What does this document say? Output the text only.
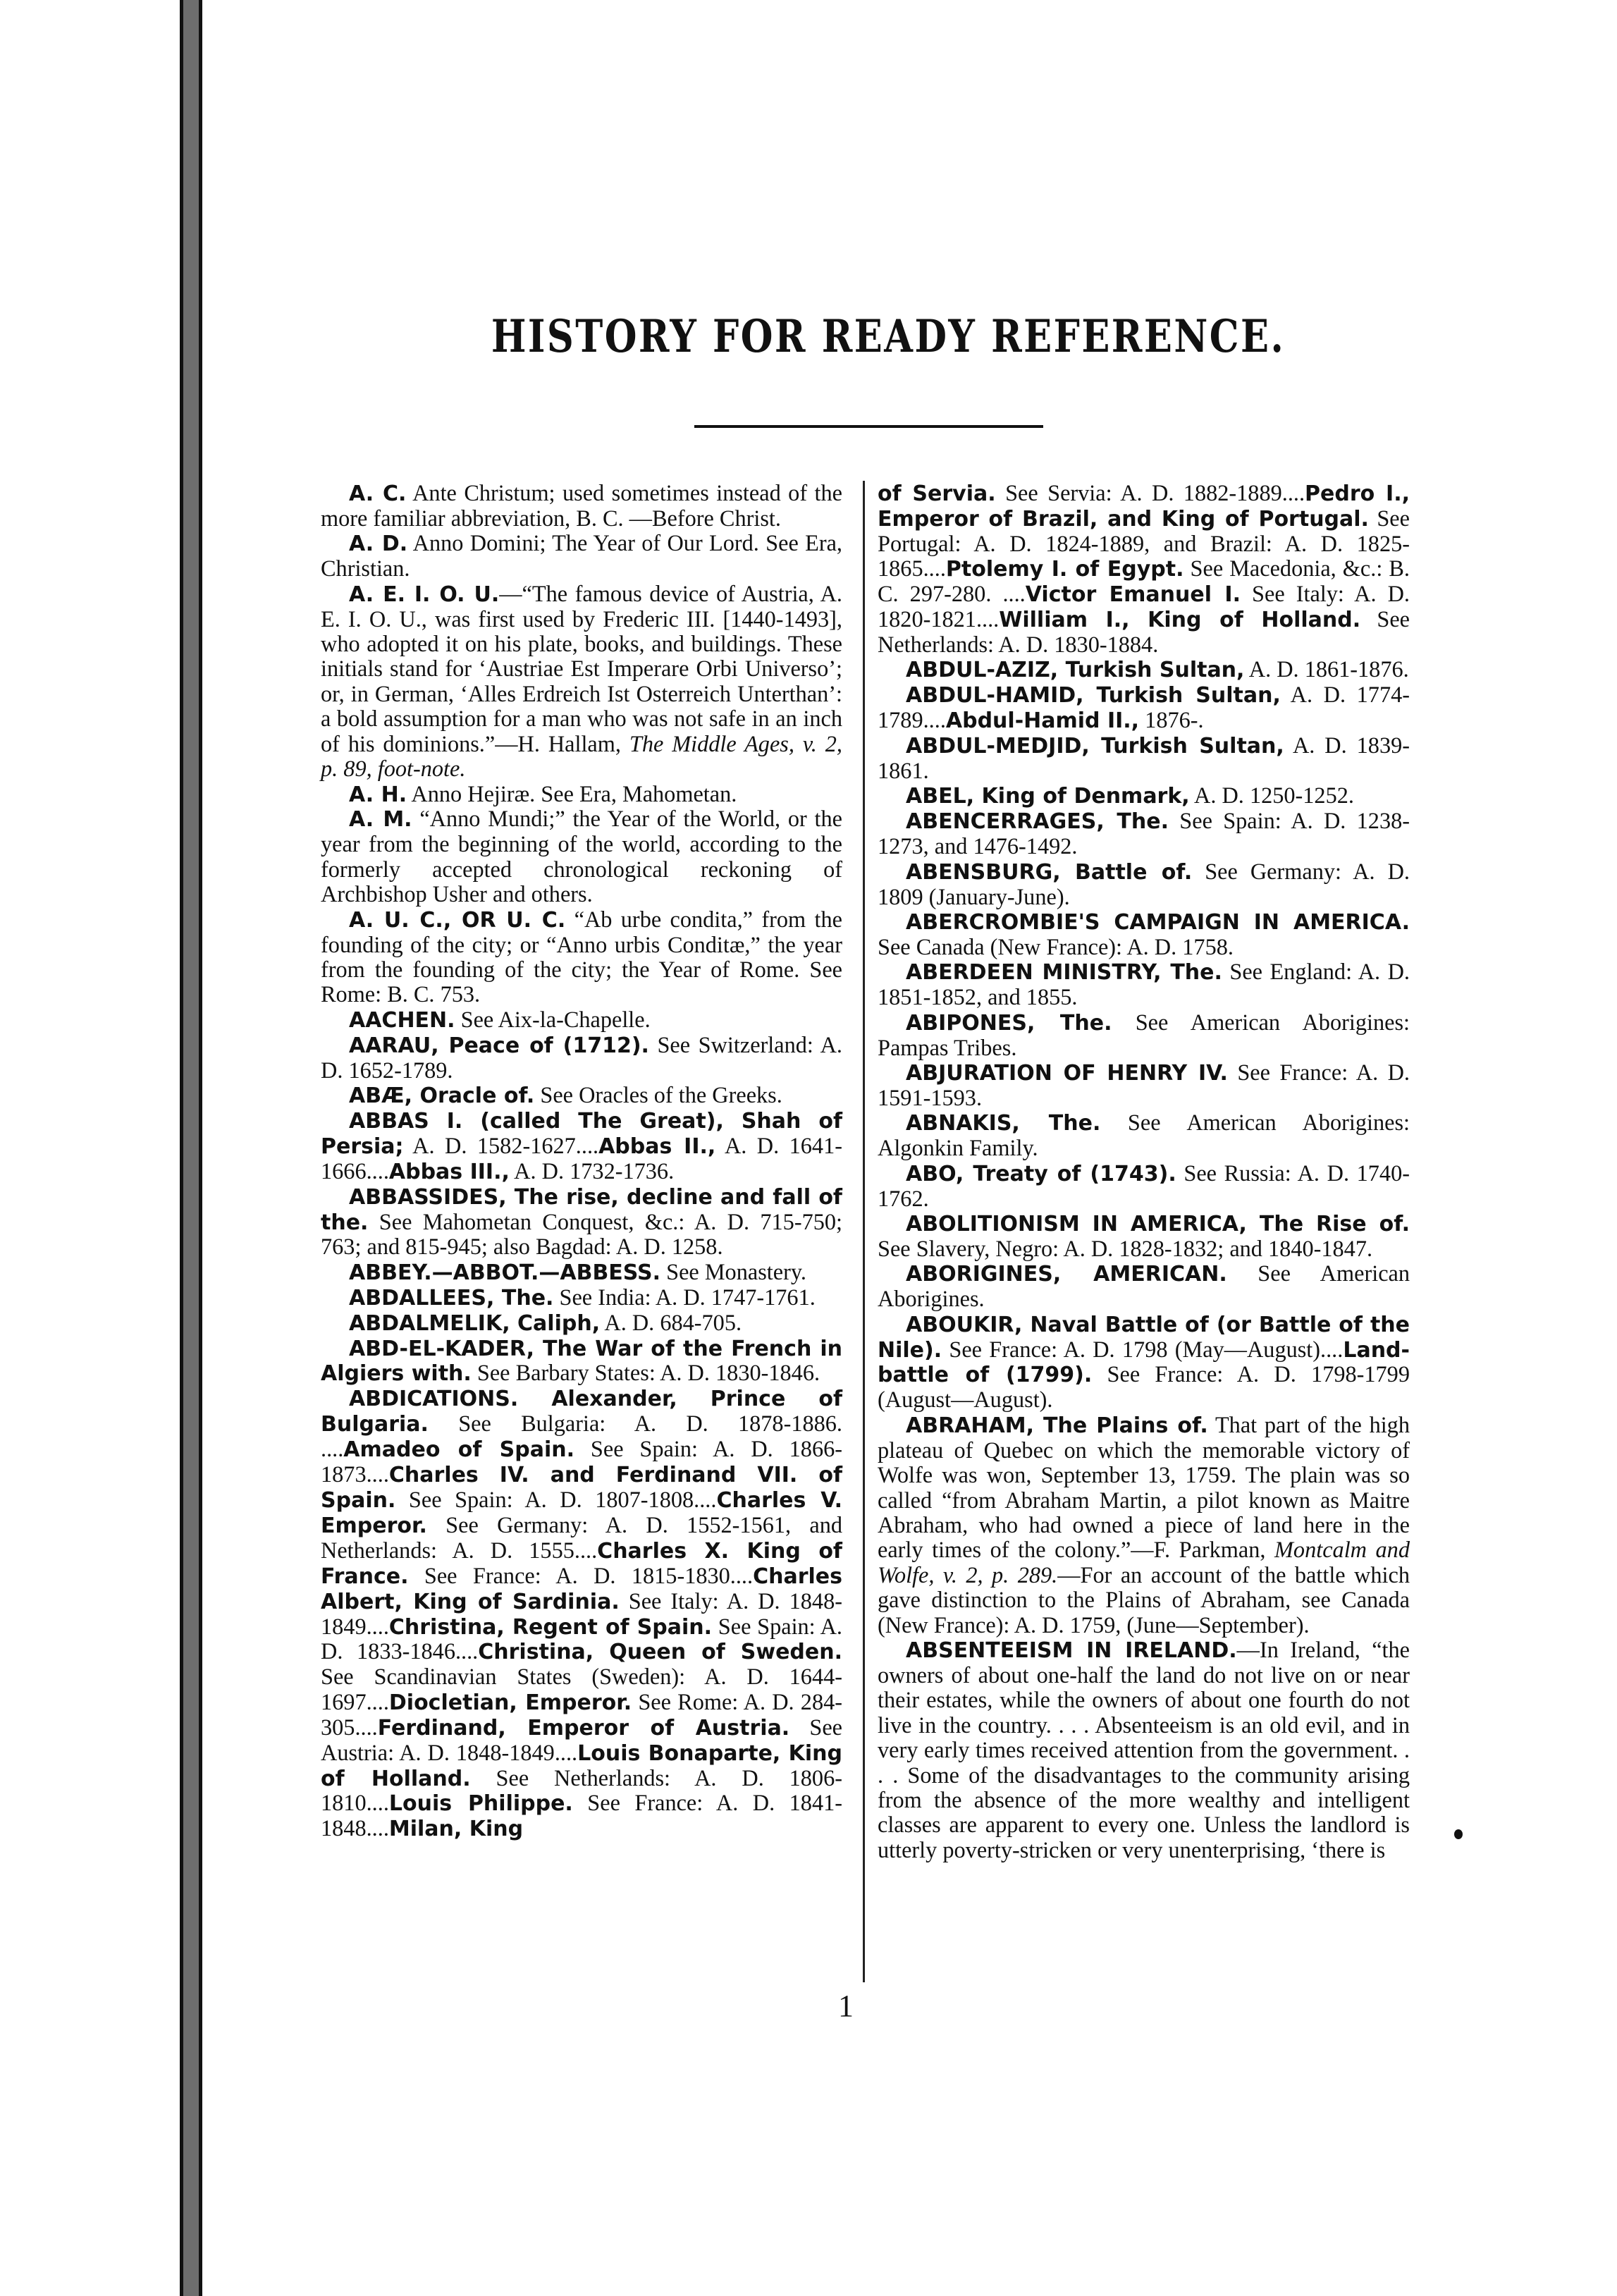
HISTORY FOR READY REFERENCE.

A. C. Ante Christum; used sometimes instead of the more familiar abbreviation, B. C. —Before Christ.

A. D. Anno Domini; The Year of Our Lord. See Era, Christian.

A. E. I. O. U.—“The famous device of Austria, A. E. I. O. U., was first used by Frederic III. [1440-1493], who adopted it on his plate, books, and buildings. These initials stand for ‘Austriae Est Imperare Orbi Universo’; or, in German, ‘Alles Erdreich Ist Osterreich Unterthan’: a bold assumption for a man who was not safe in an inch of his dominions.”—H. Hallam, The Middle Ages, v. 2, p. 89, foot-note.

A. H. Anno Hejiræ. See Era, Mahometan.

A. M. “Anno Mundi;” the Year of the World, or the year from the beginning of the world, according to the formerly accepted chronological reckoning of Archbishop Usher and others.

A. U. C., OR U. C. “Ab urbe condita,” from the founding of the city; or “Anno urbis Conditæ,” the year from the founding of the city; the Year of Rome. See Rome: B. C. 753.

AACHEN. See Aix-la-Chapelle.

AARAU, Peace of (1712). See Switzerland: A. D. 1652-1789.

ABÆ, Oracle of. See Oracles of the Greeks.

ABBAS I. (called The Great), Shah of Persia; A. D. 1582-1627....Abbas II., A. D. 1641-1666....Abbas III., A. D. 1732-1736.

ABBASSIDES, The rise, decline and fall of the. See Mahometan Conquest, &c.: A. D. 715-750; 763; and 815-945; also Bagdad: A. D. 1258.

ABBEY.—ABBOT.—ABBESS. See Monastery.

ABDALLEES, The. See India: A. D. 1747-1761.

ABDALMELIK, Caliph, A. D. 684-705.

ABD-EL-KADER, The War of the French in Algiers with. See Barbary States: A. D. 1830-1846.

ABDICATIONS. Alexander, Prince of Bulgaria. See Bulgaria: A. D. 1878-1886. ....Amadeo of Spain. See Spain: A. D. 1866-1873....Charles IV. and Ferdinand VII. of Spain. See Spain: A. D. 1807-1808....Charles V. Emperor. See Germany: A. D. 1552-1561, and Netherlands: A. D. 1555....Charles X. King of France. See France: A. D. 1815-1830....Charles Albert, King of Sardinia. See Italy: A. D. 1848-1849....Christina, Regent of Spain. See Spain: A. D. 1833-1846....Christina, Queen of Sweden. See Scandinavian States (Sweden): A. D. 1644-1697....Diocletian, Emperor. See Rome: A. D. 284-305....Ferdinand, Emperor of Austria. See Austria: A. D. 1848-1849....Louis Bonaparte, King of Holland. See Netherlands: A. D. 1806-1810....Louis Philippe. See France: A. D. 1841-1848....Milan, King

of Servia. See Servia: A. D. 1882-1889....Pedro I., Emperor of Brazil, and King of Portugal. See Portugal: A. D. 1824-1889, and Brazil: A. D. 1825-1865....Ptolemy I. of Egypt. See Macedonia, &c.: B. C. 297-280. ....Victor Emanuel I. See Italy: A. D. 1820-1821....William I., King of Holland. See Netherlands: A. D. 1830-1884.

ABDUL-AZIZ, Turkish Sultan, A. D. 1861-1876.

ABDUL-HAMID, Turkish Sultan, A. D. 1774-1789....Abdul-Hamid II., 1876-.

ABDUL-MEDJID, Turkish Sultan, A. D. 1839-1861.

ABEL, King of Denmark, A. D. 1250-1252.

ABENCERRAGES, The. See Spain: A. D. 1238-1273, and 1476-1492.

ABENSBURG, Battle of. See Germany: A. D. 1809 (January-June).

ABERCROMBIE'S CAMPAIGN IN AMERICA. See Canada (New France): A. D. 1758.

ABERDEEN MINISTRY, The. See England: A. D. 1851-1852, and 1855.

ABIPONES, The. See American Aborigines: Pampas Tribes.

ABJURATION OF HENRY IV. See France: A. D. 1591-1593.

ABNAKIS, The. See American Aborigines: Algonkin Family.

ABO, Treaty of (1743). See Russia: A. D. 1740-1762.

ABOLITIONISM IN AMERICA, The Rise of. See Slavery, Negro: A. D. 1828-1832; and 1840-1847.

ABORIGINES, AMERICAN. See American Aborigines.

ABOUKIR, Naval Battle of (or Battle of the Nile). See France: A. D. 1798 (May—August)....Land-battle of (1799). See France: A. D. 1798-1799 (August—August).

ABRAHAM, The Plains of. That part of the high plateau of Quebec on which the memorable victory of Wolfe was won, September 13, 1759. The plain was so called “from Abraham Martin, a pilot known as Maitre Abraham, who had owned a piece of land here in the early times of the colony.”—F. Parkman, Montcalm and Wolfe, v. 2, p. 289.—For an account of the battle which gave distinction to the Plains of Abraham, see Canada (New France): A. D. 1759, (June—September).

ABSENTEEISM IN IRELAND.—In Ireland, “the owners of about one-half the land do not live on or near their estates, while the owners of about one fourth do not live in the country. . . . Absenteeism is an old evil, and in very early times received attention from the government. . . . Some of the disadvantages to the community arising from the absence of the more wealthy and intelligent classes are apparent to every one. Unless the landlord is utterly poverty-stricken or very unenterprising, ‘there is

1
